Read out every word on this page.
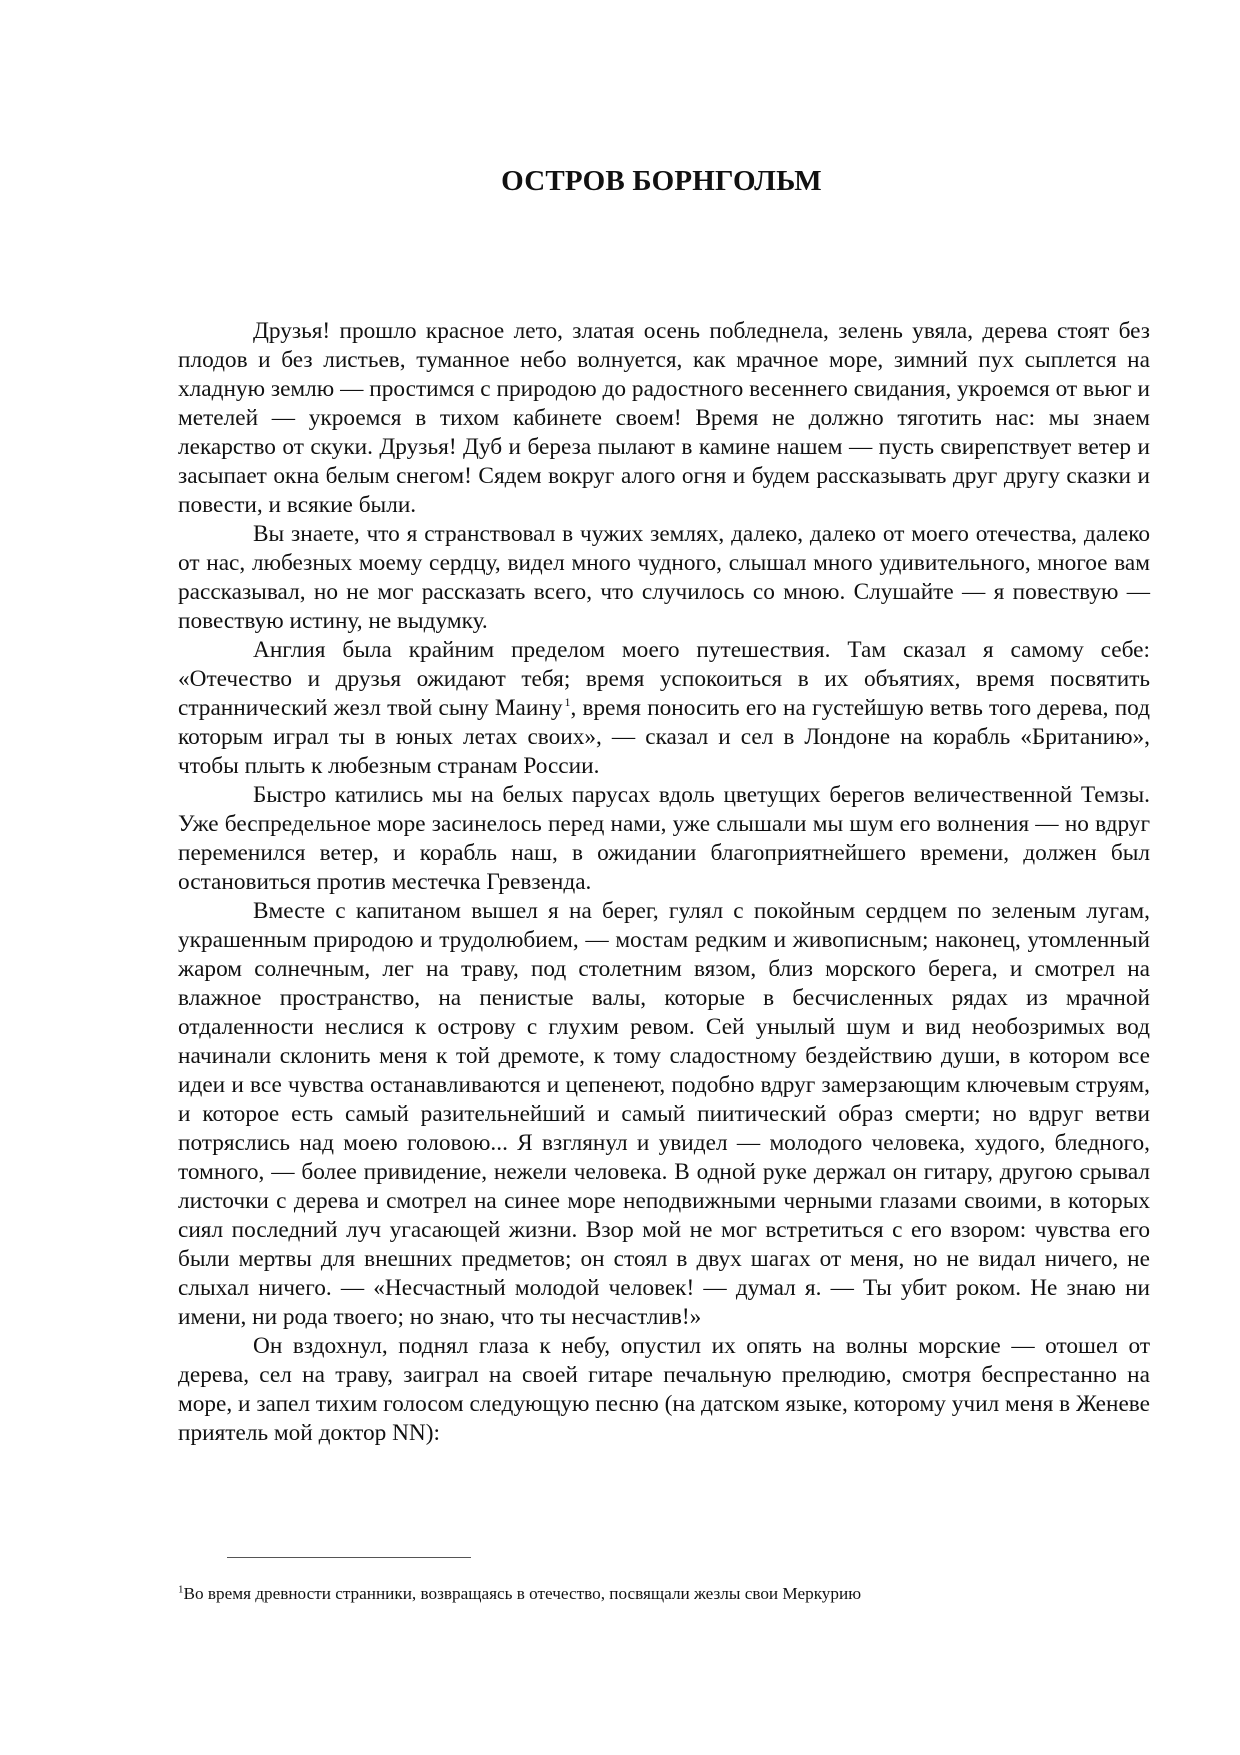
ОСТРОВ БОРНГОЛЬМ

Друзья! прошло красное лето, златая осень побледнела, зелень увяла, дерева стоят без плодов и без листьев, туманное небо волнуется, как мрачное море, зимний пух сыплется на хладную землю — простимся с природою до радостного весеннего свидания, укроемся от вьюг и метелей — укроемся в тихом кабинете своем! Время не должно тяготить нас: мы знаем лекарство от скуки. Друзья! Дуб и береза пылают в камине нашем — пусть свирепствует ветер и засыпает окна белым снегом! Сядем вокруг алого огня и будем рассказывать друг другу сказки и повести, и всякие были.

Вы знаете, что я странствовал в чужих землях, далеко, далеко от моего отечества, далеко от нас, любезных моему сердцу, видел много чудного, слышал много удивительного, многое вам рассказывал, но не мог рассказать всего, что случилось со мною. Слушайте — я повествую — повествую истину, не выдумку.

Англия была крайним пределом моего путешествия. Там сказал я самому себе: «Отечество и друзья ожидают тебя; время успокоиться в их объятиях, время посвятить страннический жезл твой сыну Маину $^1$, время поносить его на густейшую ветвь того дерева, под которым играл ты в юных летах своих», — сказал и сел в Лондоне на корабль «Британию», чтобы плыть к любезным странам России.

Быстро катились мы на белых парусах вдоль цветущих берегов величественной Темзы. Уже беспредельное море засинелось перед нами, уже слышали мы шум его волнения — но вдруг переменился ветер, и корабль наш, в ожидании благоприятнейшего времени, должен был остановиться против местечка Гревзенда.

Вместе с капитаном вышел я на берег, гулял с покойным сердцем по зеленым лугам, украшенным природою и трудолюбием, — мостам редким и живописным; наконец, утомленный жаром солнечным, лег на траву, под столетним вязом, близ морского берега, и смотрел на влажное пространство, на пенистые валы, которые в бесчисленных рядах из мрачной отдаленности неслися к острову с глухим ревом. Сей унылый шум и вид необозримых вод начинали склонить меня к той дремоте, к тому сладостному бездействию души, в котором все идеи и все чувства останавливаются и цепенеют, подобно вдруг замерзающим ключевым струям, и которое есть самый разительнейший и самый пиитический образ смерти; но вдруг ветви потряслись над моею головою... Я взглянул и увидел — молодого человека, худого, бледного, томного, — более привидение, нежели человека. В одной руке держал он гитару, другою срывал листочки с дерева и смотрел на синее море неподвижными черными глазами своими, в которых сиял последний луч угасающей жизни. Взор мой не мог встретиться с его взором: чувства его были мертвы для внешних предметов; он стоял в двух шагах от меня, но не видал ничего, не слыхал ничего. — «Несчастный молодой человек! — думал я. — Ты убит роком. Не знаю ни имени, ни рода твоего; но знаю, что ты несчастлив!»

Он вздохнул, поднял глаза к небу, опустил их опять на волны морские — отошел от дерева, сел на траву, заиграл на своей гитаре печальную прелюдию, смотря беспрестанно на море, и запел тихим голосом следующую песню (на датском языке, которому учил меня в Женеве приятель мой доктор NN):

$^1$Во время древности странники, возвращаясь в отечество, посвящали жезлы свои Меркурию
